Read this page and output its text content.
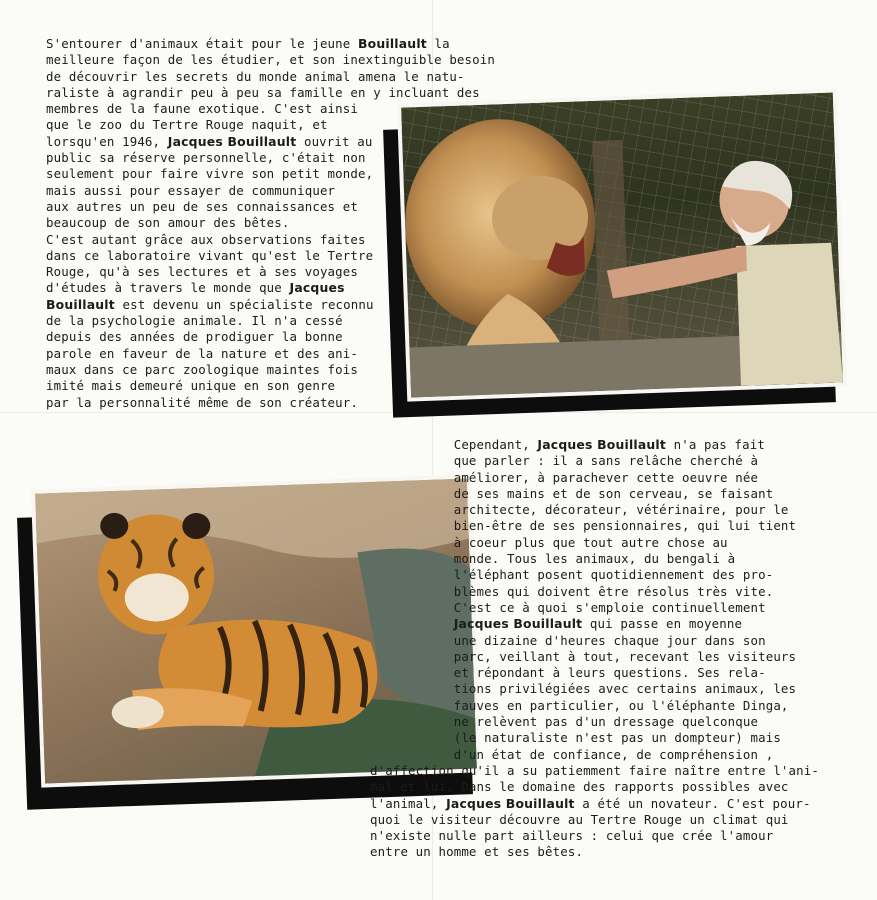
S'entourer d'animaux était pour le jeune Bouillault la
meilleure façon de les étudier, et son inextinguible besoin
de découvrir les secrets du monde animal amena le natu-
raliste à agrandir peu à peu sa famille en y incluant des
membres de la faune exotique. C'est ainsi
que le zoo du Tertre Rouge naquit, et
lorsqu'en 1946, Jacques Bouillault ouvrit au
public sa réserve personnelle, c'était non
seulement pour faire vivre son petit monde,
mais aussi pour essayer de communiquer
aux autres un peu de ses connaissances et
beaucoup de son amour des bêtes.
C'est autant grâce aux observations faites
dans ce laboratoire vivant qu'est le Tertre
Rouge, qu'à ses lectures et à ses voyages
d'études à travers le monde que Jacques
Bouillault est devenu un spécialiste reconnu
de la psychologie animale. Il n'a cessé
depuis des années de prodiguer la bonne
parole en faveur de la nature et des ani-
maux dans ce parc zoologique maintes fois
imité mais demeuré unique en son genre
par la personnalité même de son créateur.
Cependant, Jacques Bouillault n'a pas fait
que parler : il a sans relâche cherché à
améliorer, à parachever cette oeuvre née
de ses mains et de son cerveau, se faisant
architecte, décorateur, vétérinaire, pour le
bien-être de ses pensionnaires, qui lui tient
à coeur plus que tout autre chose au
monde. Tous les animaux, du bengali à
l'éléphant posent quotidiennement des pro-
blèmes qui doivent être résolus très vite.
C'est ce à quoi s'emploie continuellement
Jacques Bouillault qui passe en moyenne
une dizaine d'heures chaque jour dans son
parc, veillant à tout, recevant les visiteurs
et répondant à leurs questions. Ses rela-
tions privilégiées avec certains animaux, les
fauves en particulier, ou l'éléphante Dinga,
ne relèvent pas d'un dressage quelconque
(le naturaliste n'est pas un dompteur) mais
d'un état de confiance, de compréhension ,
d'affection qu'il a su patiemment faire naître entre l'ani-
mal et lui. Dans le domaine des rapports possibles avec
l'animal, Jacques Bouillault a été un novateur. C'est pour-
quoi le visiteur découvre au Tertre Rouge un climat qui
n'existe nulle part ailleurs : celui que crée l'amour
entre un homme et ses bêtes.
